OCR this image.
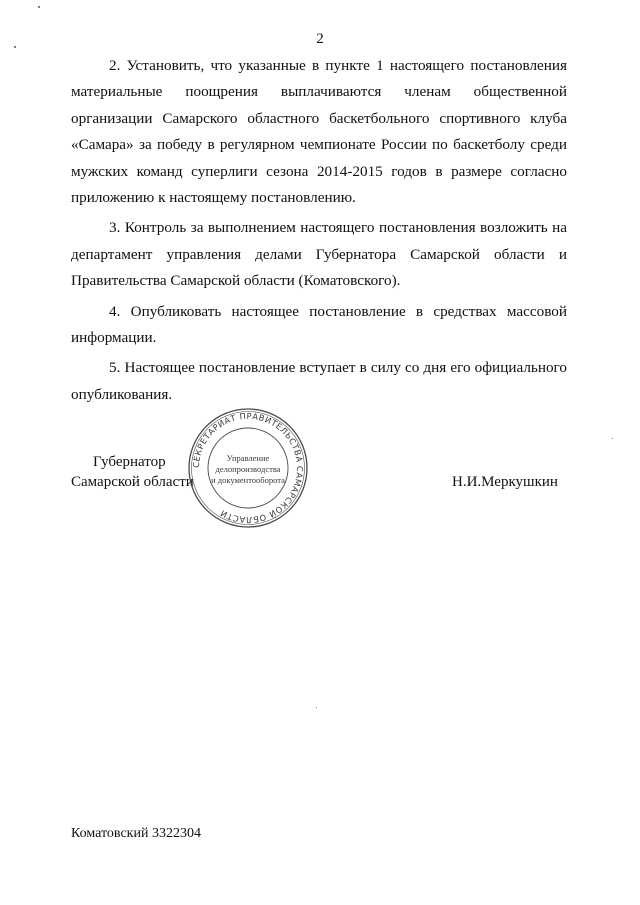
2

2. Установить, что указанные в пункте 1 настоящего постановления материальные поощрения выплачиваются членам общественной организации Самарского областного баскетбольного спортивного клуба «Самара» за победу в регулярном чемпионате России по баскетболу среди мужских команд суперлиги сезона 2014-2015 годов в размере согласно приложению к настоящему постановлению.

3. Контроль за выполнением настоящего постановления возложить на департамент управления делами Губернатора Самарской области и Правительства Самарской области (Коматовского).

4. Опубликовать настоящее постановление в средствах массовой информации.

5. Настоящее постановление вступает в силу со дня его официального опубликования.

Губернатор
Самарской области	Н.И.Меркушкин
СЕКРЕТАРИАТ ПРАВИТЕЛЬСТВА САМАРСКОЙ ОБЛАСТИ
Управление
делопроизводства
и документооборота
Коматовский 3322304
